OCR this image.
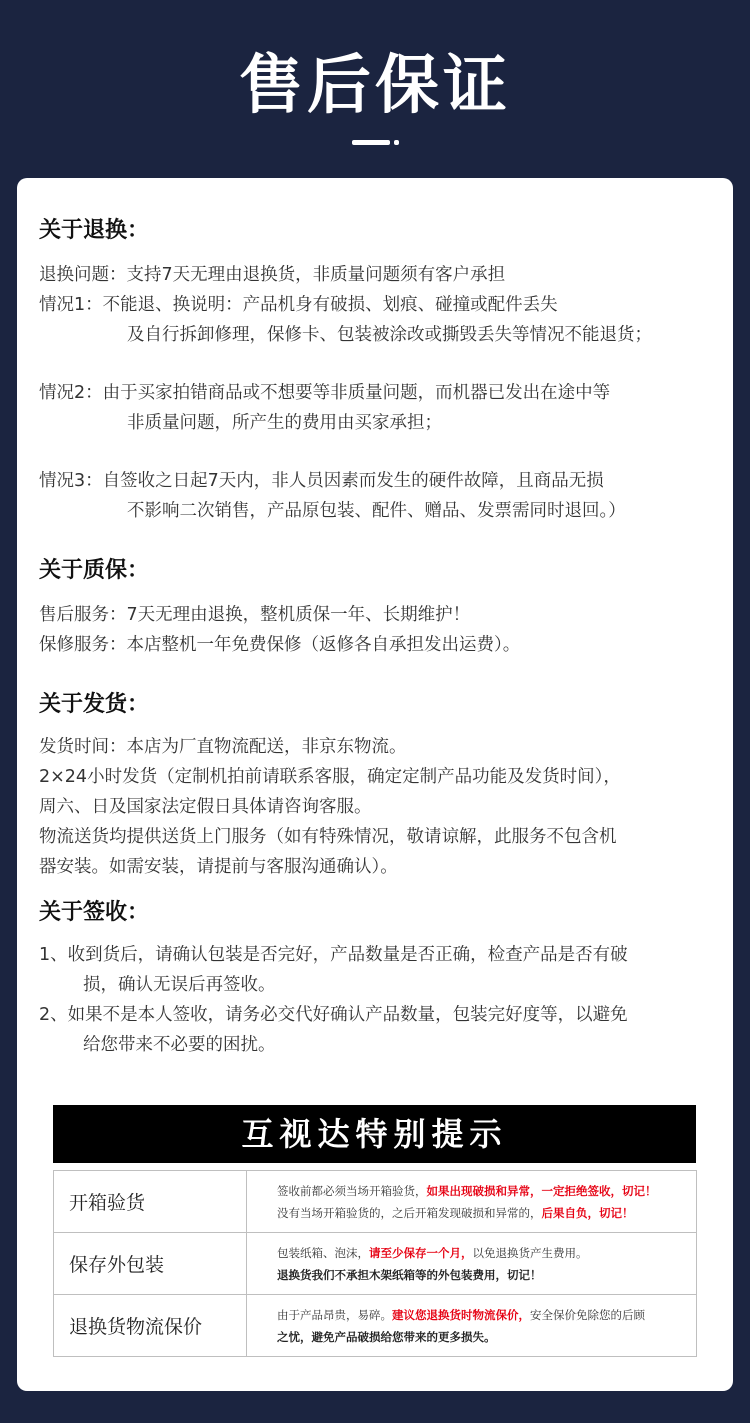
售后保证
关于退换：
退换问题：支持7天无理由退换货，非质量问题须有客户承担
情况1：不能退、换说明：产品机身有破损、划痕、碰撞或配件丢失
及自行拆卸修理，保修卡、包装被涂改或撕毁丢失等情况不能退货；
情况2：由于买家拍错商品或不想要等非质量问题，而机器已发出在途中等
非质量问题，所产生的费用由买家承担；
情况3：自签收之日起7天内，非人员因素而发生的硬件故障，且商品无损
不影响二次销售，产品原包装、配件、赠品、发票需同时退回。）
关于质保：
售后服务：7天无理由退换，整机质保一年、长期维护！
保修服务：本店整机一年免费保修（返修各自承担发出运费）。
关于发货：
发货时间：本店为厂直物流配送，非京东物流。
2×24小时发货（定制机拍前请联系客服，确定定制产品功能及发货时间），
周六、日及国家法定假日具体请咨询客服。
物流送货均提供送货上门服务（如有特殊情况，敬请谅解，此服务不包含机
器安装。如需安装，请提前与客服沟通确认）。
关于签收：
1、收到货后，请确认包装是否完好，产品数量是否正确，检查产品是否有破
损，确认无误后再签收。
2、如果不是本人签收，请务必交代好确认产品数量，包装完好度等，以避免
给您带来不必要的困扰。
互视达特别提示
开箱验货	签收前都必须当场开箱验货，如果出现破损和异常，一定拒绝签收，切记！
没有当场开箱验货的，之后开箱发现破损和异常的，后果自负，切记！

保存外包装	包装纸箱、泡沫，请至少保存一个月，以免退换货产生费用。
退换货我们不承担木架纸箱等的外包装费用，切记！

退换货物流保价	由于产品昂贵，易碎。建议您退换货时物流保价，安全保价免除您的后顾
之忧，避免产品破损给您带来的更多损失。
